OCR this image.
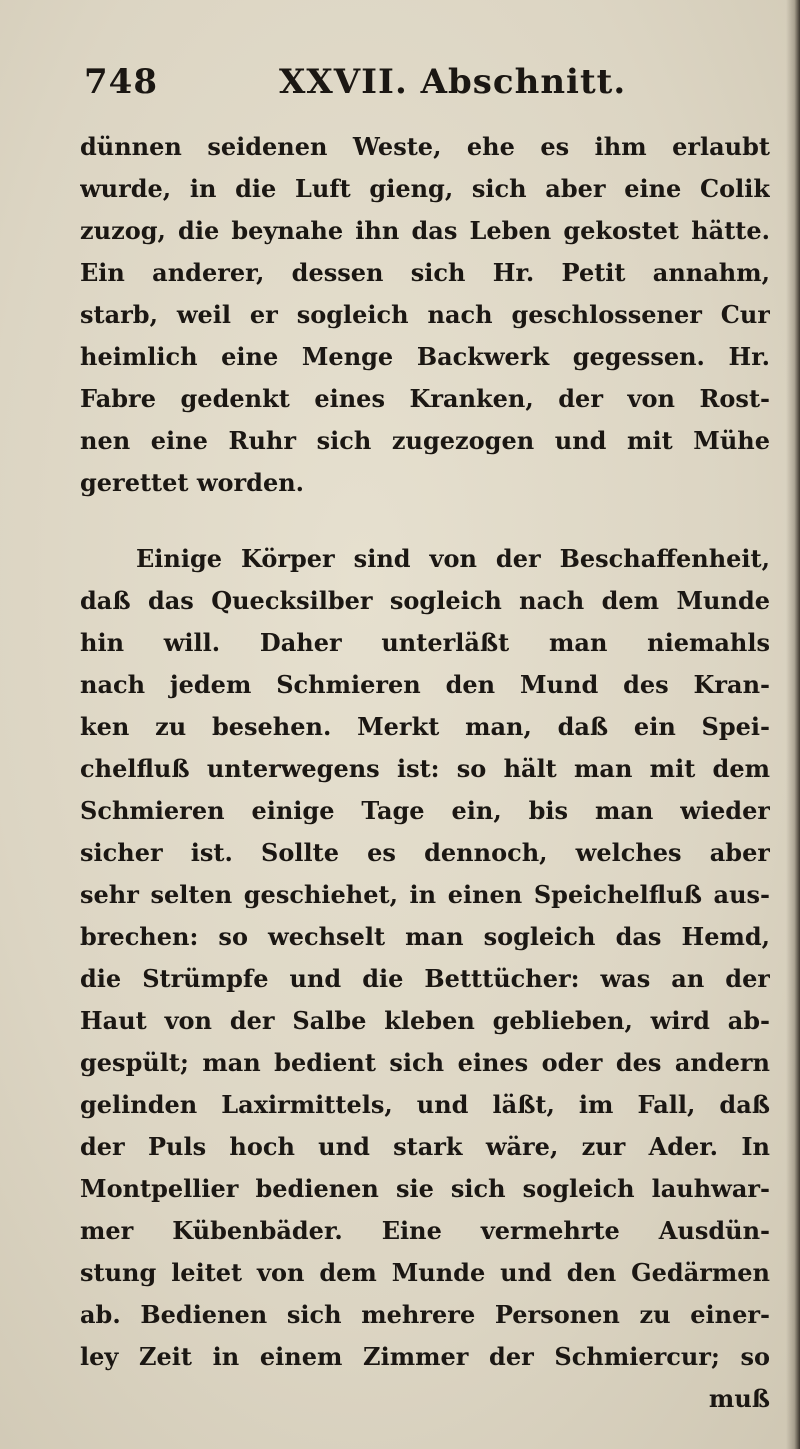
748	XXVII. Abschnitt.
dünnen seidenen Weste, ehe es ihm erlaubt
wurde, in die Luft gieng, sich aber eine Colik
zuzog, die beynahe ihn das Leben gekostet hätte.
Ein anderer, dessen sich Hr. Petit annahm,
starb, weil er sogleich nach geschlossener Cur
heimlich eine Menge Backwerk gegessen. Hr.
Fabre gedenkt eines Kranken, der von Rost-
nen eine Ruhr sich zugezogen und mit Mühe
gerettet worden.
Einige Körper sind von der Beschaffenheit,
daß das Quecksilber sogleich nach dem Munde
hin will. Daher unterläßt man niemahls
nach jedem Schmieren den Mund des Kran-
ken zu besehen. Merkt man, daß ein Spei-
chelfluß unterwegens ist: so hält man mit dem
Schmieren einige Tage ein, bis man wieder
sicher ist. Sollte es dennoch, welches aber
sehr selten geschiehet, in einen Speichelfluß aus-
brechen: so wechselt man sogleich das Hemd,
die Strümpfe und die Betttücher: was an der
Haut von der Salbe kleben geblieben, wird ab-
gespült; man bedient sich eines oder des andern
gelinden Laxirmittels, und läßt, im Fall, daß
der Puls hoch und stark wäre, zur Ader. In
Montpellier bedienen sie sich sogleich lauhwar-
mer Kübenbäder. Eine vermehrte Ausdün-
stung leitet von dem Munde und den Gedärmen
ab. Bedienen sich mehrere Personen zu einer-
ley Zeit in einem Zimmer der Schmiercur; so
muß
